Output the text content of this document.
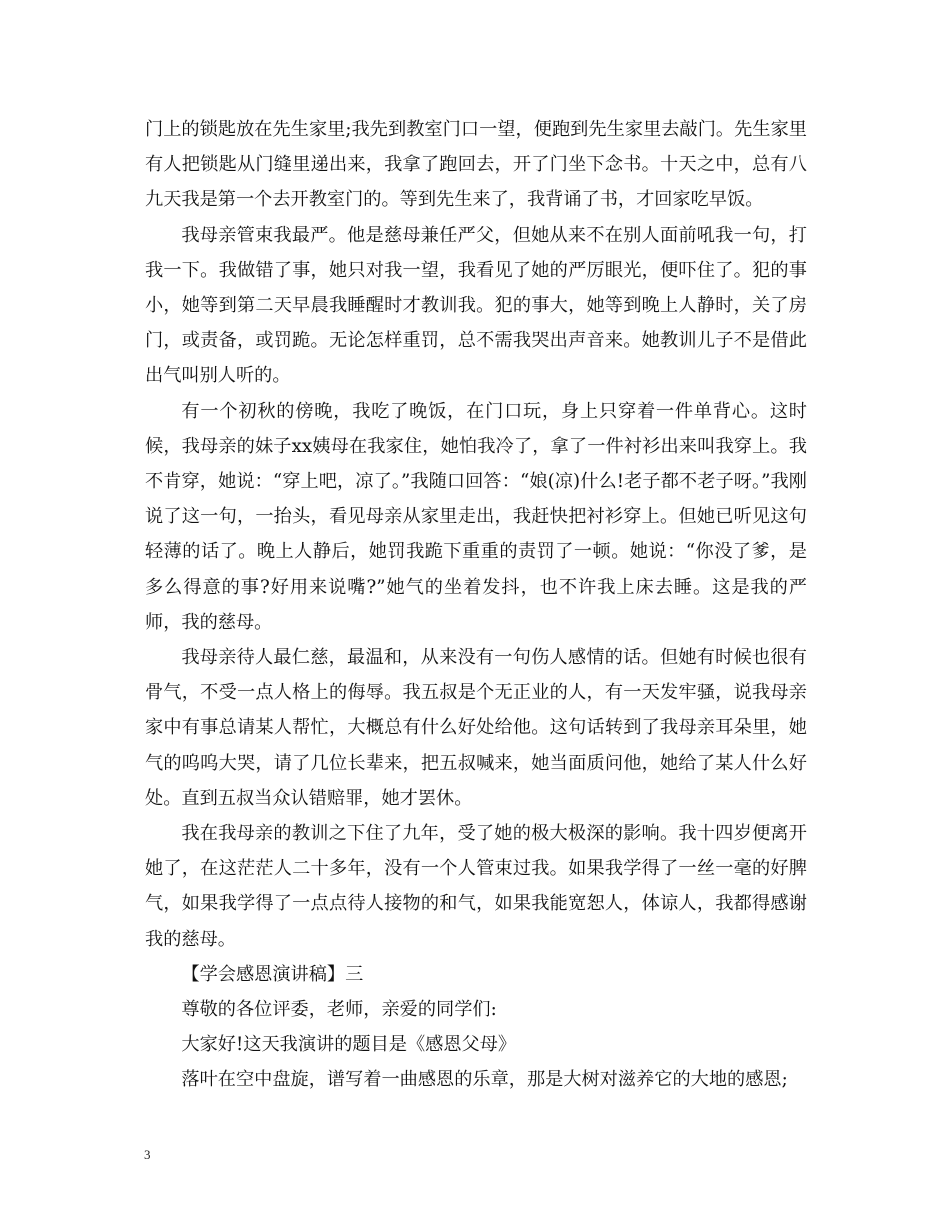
门上的锁匙放在先生家里;我先到教室门口一望，便跑到先生家里去敲门。先生家里有人把锁匙从门缝里递出来，我拿了跑回去，开了门坐下念书。十天之中，总有八九天我是第一个去开教室门的。等到先生来了，我背诵了书，才回家吃早饭。

我母亲管束我最严。他是慈母兼任严父，但她从来不在别人面前吼我一句，打我一下。我做错了事，她只对我一望，我看见了她的严厉眼光，便吓住了。犯的事小，她等到第二天早晨我睡醒时才教训我。犯的事大，她等到晚上人静时，关了房门，或责备，或罚跪。无论怎样重罚，总不需我哭出声音来。她教训儿子不是借此出气叫别人听的。

有一个初秋的傍晚，我吃了晚饭，在门口玩，身上只穿着一件单背心。这时候，我母亲的妹子xx姨母在我家住，她怕我冷了，拿了一件衬衫出来叫我穿上。我不肯穿，她说：“穿上吧，凉了。”我随口回答：“娘(凉)什么!老子都不老子呀。”我刚说了这一句，一抬头，看见母亲从家里走出，我赶快把衬衫穿上。但她已听见这句轻薄的话了。晚上人静后，她罚我跪下重重的责罚了一顿。她说：“你没了爹，是多么得意的事?好用来说嘴?”她气的坐着发抖，也不许我上床去睡。这是我的严师，我的慈母。

我母亲待人最仁慈，最温和，从来没有一句伤人感情的话。但她有时候也很有骨气，不受一点人格上的侮辱。我五叔是个无正业的人，有一天发牢骚，说我母亲家中有事总请某人帮忙，大概总有什么好处给他。这句话转到了我母亲耳朵里，她气的呜呜大哭，请了几位长辈来，把五叔喊来，她当面质问他，她给了某人什么好处。直到五叔当众认错赔罪，她才罢休。

我在我母亲的教训之下住了九年，受了她的极大极深的影响。我十四岁便离开她了，在这茫茫人二十多年，没有一个人管束过我。如果我学得了一丝一毫的好脾气，如果我学得了一点点待人接物的和气，如果我能宽恕人，体谅人，我都得感谢我的慈母。

【学会感恩演讲稿】三

尊敬的各位评委，老师，亲爱的同学们:

大家好!这天我演讲的题目是《感恩父母》

落叶在空中盘旋，谱写着一曲感恩的乐章，那是大树对滋养它的大地的感恩;

3
